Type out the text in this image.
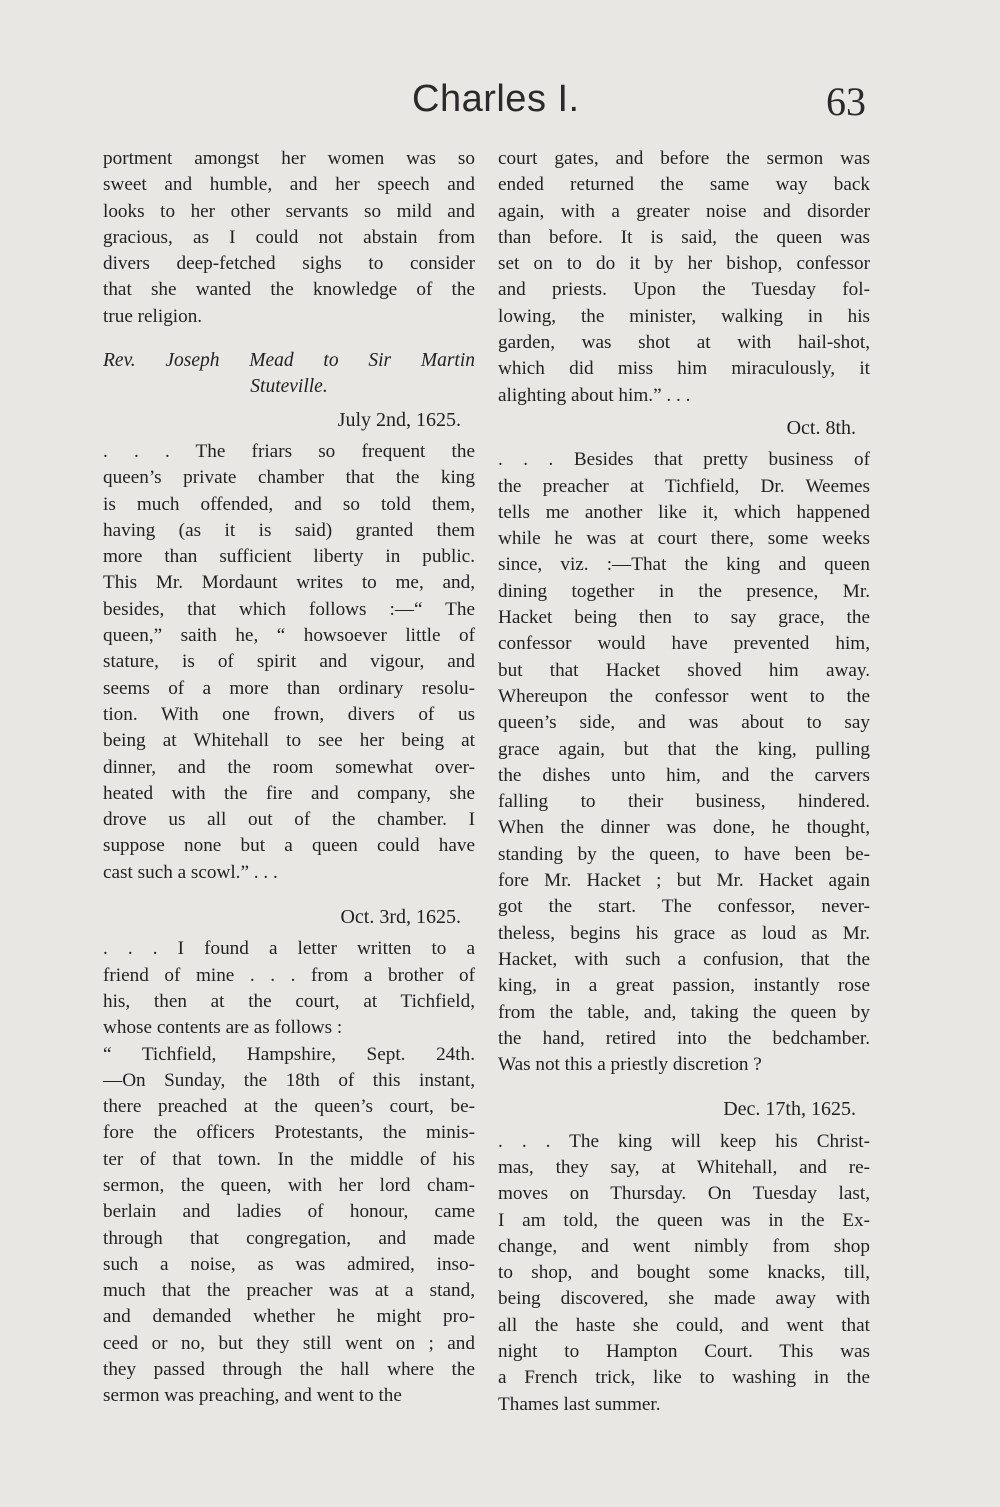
Charles I.	63
portment amongst her women was so
sweet and humble, and her speech and
looks to her other servants so mild and
gracious, as I could not abstain from
divers deep-fetched sighs to consider
that she wanted the knowledge of the
true religion.
Rev. Joseph Mead to Sir Martin
Stuteville.
July 2nd, 1625.
. . . The friars so frequent the
queen’s private chamber that the king
is much offended, and so told them,
having (as it is said) granted them
more than sufficient liberty in public.
This Mr. Mordaunt writes to me, and,
besides, that which follows :—“ The
queen,” saith he, “ howsoever little of
stature, is of spirit and vigour, and
seems of a more than ordinary resolu-
tion. With one frown, divers of us
being at Whitehall to see her being at
dinner, and the room somewhat over-
heated with the fire and company, she
drove us all out of the chamber. I
suppose none but a queen could have
cast such a scowl.” . . .
Oct. 3rd, 1625.
. . . I found a letter written to a
friend of mine . . . from a brother of
his, then at the court, at Tichfield,
whose contents are as follows :
“ Tichfield, Hampshire, Sept. 24th.
—On Sunday, the 18th of this instant,
there preached at the queen’s court, be-
fore the officers Protestants, the minis-
ter of that town. In the middle of his
sermon, the queen, with her lord cham-
berlain and ladies of honour, came
through that congregation, and made
such a noise, as was admired, inso-
much that the preacher was at a stand,
and demanded whether he might pro-
ceed or no, but they still went on ; and
they passed through the hall where the
sermon was preaching, and went to the
court gates, and before the sermon was
ended returned the same way back
again, with a greater noise and disorder
than before. It is said, the queen was
set on to do it by her bishop, confessor
and priests. Upon the Tuesday fol-
lowing, the minister, walking in his
garden, was shot at with hail-shot,
which did miss him miraculously, it
alighting about him.” . . .
Oct. 8th.
. . . Besides that pretty business of
the preacher at Tichfield, Dr. Weemes
tells me another like it, which happened
while he was at court there, some weeks
since, viz. :—That the king and queen
dining together in the presence, Mr.
Hacket being then to say grace, the
confessor would have prevented him,
but that Hacket shoved him away.
Whereupon the confessor went to the
queen’s side, and was about to say
grace again, but that the king, pulling
the dishes unto him, and the carvers
falling to their business, hindered.
When the dinner was done, he thought,
standing by the queen, to have been be-
fore Mr. Hacket ; but Mr. Hacket again
got the start. The confessor, never-
theless, begins his grace as loud as Mr.
Hacket, with such a confusion, that the
king, in a great passion, instantly rose
from the table, and, taking the queen by
the hand, retired into the bedchamber.
Was not this a priestly discretion ?
Dec. 17th, 1625.
. . . The king will keep his Christ-
mas, they say, at Whitehall, and re-
moves on Thursday. On Tuesday last,
I am told, the queen was in the Ex-
change, and went nimbly from shop
to shop, and bought some knacks, till,
being discovered, she made away with
all the haste she could, and went that
night to Hampton Court. This was
a French trick, like to washing in the
Thames last summer.
